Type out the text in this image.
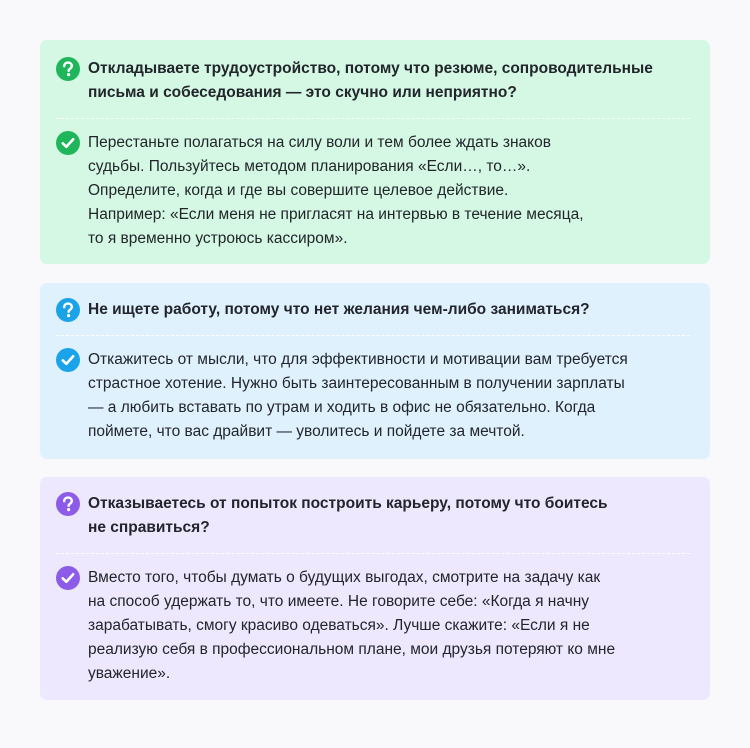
Откладываете трудоустройство, потому что резюме, сопроводительные
письма и собеседования — это скучно или неприятно?
Перестаньте полагаться на силу воли и тем более ждать знаков
судьбы. Пользуйтесь методом планирования «Если…, то…».
Определите, когда и где вы совершите целевое действие.
Например: «Если меня не пригласят на интервью в течение месяца,
то я временно устроюсь кассиром».
Не ищете работу, потому что нет желания чем-либо заниматься?
Откажитесь от мысли, что для эффективности и мотивации вам требуется
страстное хотение. Нужно быть заинтересованным в получении зарплаты
— а любить вставать по утрам и ходить в офис не обязательно. Когда
поймете, что вас драйвит — уволитесь и пойдете за мечтой.
Отказываетесь от попыток построить карьеру, потому что боитесь
не справиться?
Вместо того, чтобы думать о будущих выгодах, смотрите на задачу как
на способ удержать то, что имеете. Не говорите себе: «Когда я начну
зарабатывать, смогу красиво одеваться». Лучше скажите: «Если я не
реализую себя в профессиональном плане, мои друзья потеряют ко мне
уважение».
